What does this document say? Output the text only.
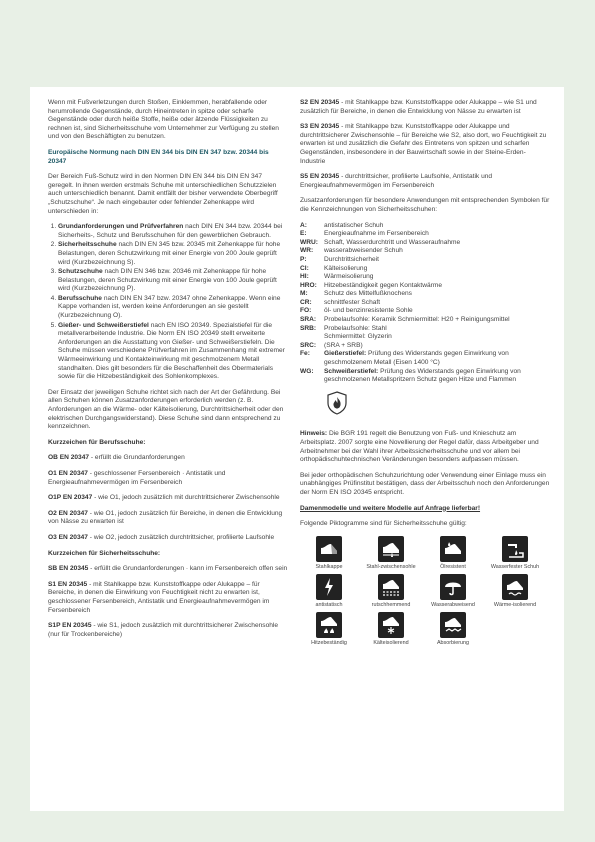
Wenn mit Fußverletzungen durch Stoßen, Einklemmen, herabfallende oder herumrollende Gegenstände, durch Hineintreten in spitze oder scharfe Gegenstände oder durch heiße Stoffe, heiße oder ätzende Flüssigkeiten zu rechnen ist, sind Sicherheitsschuhe vom Unternehmer zur Verfügung zu stellen und von den Beschäftigten zu benutzen.

Europäische Normung nach DIN EN 344 bis DIN EN 347 bzw. 20344 bis 20347

Der Bereich Fuß-Schutz wird in den Normen DIN EN 344 bis DIN EN 347 geregelt. In ihnen werden erstmals Schuhe mit unterschiedlichen Schutzzielen auch unterschiedlich benannt. Damit entfällt der bisher verwendete Oberbegriff „Schutzschuhe“. Je nach eingebauter oder fehlender Zehenkappe wird unterschieden in:

1. Grundanforderungen und Prüfverfahren nach DIN EN 344 bzw. 20344 bei Sicherheits-, Schutz und Berufsschuhen für den gewerblichen Gebrauch.
2. Sicherheitsschuhe nach DIN EN 345 bzw. 20345 mit Zehenkappe für hohe Belastungen, deren Schutzwirkung mit einer Energie von 200 Joule geprüft wird (Kurzbezeichnung S).
3. Schutzschuhe nach DIN EN 346 bzw. 20346 mit Zehenkappe für hohe Belastungen, deren Schutzwirkung mit einer Energie von 100 Joule geprüft wird (Kurzbezeichnung P).
4. Berufsschuhe nach DIN EN 347 bzw. 20347 ohne Zehenkappe. Wenn eine Kappe vorhanden ist, werden keine Anforderungen an sie gestellt (Kurzbezeichnung O).
5. Gießer- und Schweißerstiefel nach EN ISO 20349. Spezialstiefel für die metallverarbeitende Industrie. Die Norm EN ISO 20349 stellt erweiterte Anforderungen an die Ausstattung von Gießer- und Schweißerstiefeln. Die Schuhe müssen verschiedene Prüfverfahren im Zusammenhang mit extremer Wärmeeinwirkung und Kontakteinwirkung mit geschmolzenem Metall standhalten. Dies gilt besonders für die Beschaffenheit des Obermaterials sowie für die Hitzebeständigkeit des Sohlenkomplexes.

Der Einsatz der jeweiligen Schuhe richtet sich nach der Art der Gefährdung. Bei allen Schuhen können Zusatzanforderungen erforderlich werden (z. B. Anforderungen an die Wärme- oder Kälteisolierung, Durchtrittsicherheit oder den elektrischen Durchgangswiderstand). Diese Schuhe sind dann entsprechend zu kennzeichnen.

Kurzzeichen für Berufsschuhe:

OB EN 20347 - erfüllt die Grundanforderungen

O1 EN 20347 - geschlossener Fersenbereich · Antistatik und Energieaufnahmevermögen im Fersenbereich

O1P EN 20347 - wie O1, jedoch zusätzlich mit durchtrittsicherer Zwischensohle

O2 EN 20347 - wie O1, jedoch zusätzlich für Bereiche, in denen die Entwicklung von Nässe zu erwarten ist

O3 EN 20347 - wie O2, jedoch zusätzlich durchtrittsicher, profilierte Laufsohle

Kurzzeichen für Sicherheitsschuhe:

SB EN 20345 - erfüllt die Grundanforderungen · kann im Fersenbereich offen sein

S1 EN 20345 - mit Stahlkappe bzw. Kunststoffkappe oder Alukappe – für Bereiche, in denen die Einwirkung von Feuchtigkeit nicht zu erwarten ist, geschlossener Fersenbereich, Antistatik und Energieaufnahmevermögen im Fersenbereich

S1P EN 20345 - wie S1, jedoch zusätzlich mit durchtrittsicherer Zwischensohle (nur für Trockenbereiche)

S2 EN 20345 - mit Stahlkappe bzw. Kunststoffkappe oder Alukappe – wie S1 und zusätzlich für Bereiche, in denen die Entwicklung von Nässe zu erwarten ist

S3 EN 20345 - mit Stahlkappe bzw. Kunststoffkappe oder Alukappe und durchtrittsicherer Zwischensohle – für Bereiche wie S2, also dort, wo Feuchtigkeit zu erwarten ist und zusätzlich die Gefahr des Eintretens von spitzen und scharfen Gegenständen, insbesondere in der Bauwirtschaft sowie in der Steine-Erden-Industrie

S5 EN 20345 - durchtrittsicher, profilierte Laufsohle, Antistatik und Energieaufnahmevermögen im Fersenbereich

Zusatzanforderungen für besondere Anwendungen mit entsprechenden Symbolen für die Kennzeichnungen von Sicherheitsschuhen:

A:	antistatischer Schuh
E:	Energieaufnahme im Fersenbereich
WRU: Schaft, Wasserdurchtritt und Wasseraufnahme
WR:	wasserabweisender Schuh
P:	Durchtrittsicherheit
CI:	Kälteisolierung
HI:	Wärmeisolierung
HRO:	Hitzebeständigkeit gegen Kontaktwärme
M:	Schutz des Mittelfußknochens
CR:	schnittfester Schaft
FO:	öl- und benzinresistente Sohle
SRA:	Probelaufsohle: Keramik Schmiermittel: H20 + Reinigungsmittel
SRB:	Probelaufsohle: Stahl
Schmiermittel: Glyzerin
SRC:	(SRA + SRB)
Fe:	Gießerstiefel: Prüfung des Widerstands gegen Einwirkung von geschmolzenem Metall (Eisen 1400 °C)
WG:	Schweißerstiefel: Prüfung des Widerstands gegen Einwirkung von geschmolzenen Metallspritzern Schutz gegen Hitze und Flammen

Hinweis: Die BGR 191 regelt die Benutzung von Fuß- und Knieschutz am Arbeitsplatz. 2007 sorgte eine Novellierung der Regel dafür, dass Arbeitgeber und Arbeitnehmer bei der Wahl ihrer Arbeitssicherheitsschuhe und vor allem bei orthopädischuhtechnischen Veränderungen besonders aufpassen müssen.

Bei jeder orthopädischen Schuhzurichtung oder Verwendung einer Einlage muss ein unabhängiges Prüfinstitut bestätigen, dass der Arbeitsschuh noch den Anforderungen der Norm EN ISO 20345 entspricht.

Damenmodelle und weitere Modelle auf Anfrage lieferbar!

Folgende Piktogramme sind für Sicherheitsschuhe gültig:

Stahlkappe	Stahl-zwischensohle	Ölresistent	Wasserfester Schuh
antistatisch	rutschhemmend	Wasserabweisend	Wärme-isolierend
Hitzebeständig	Kälteisolierend	Absorbierung
